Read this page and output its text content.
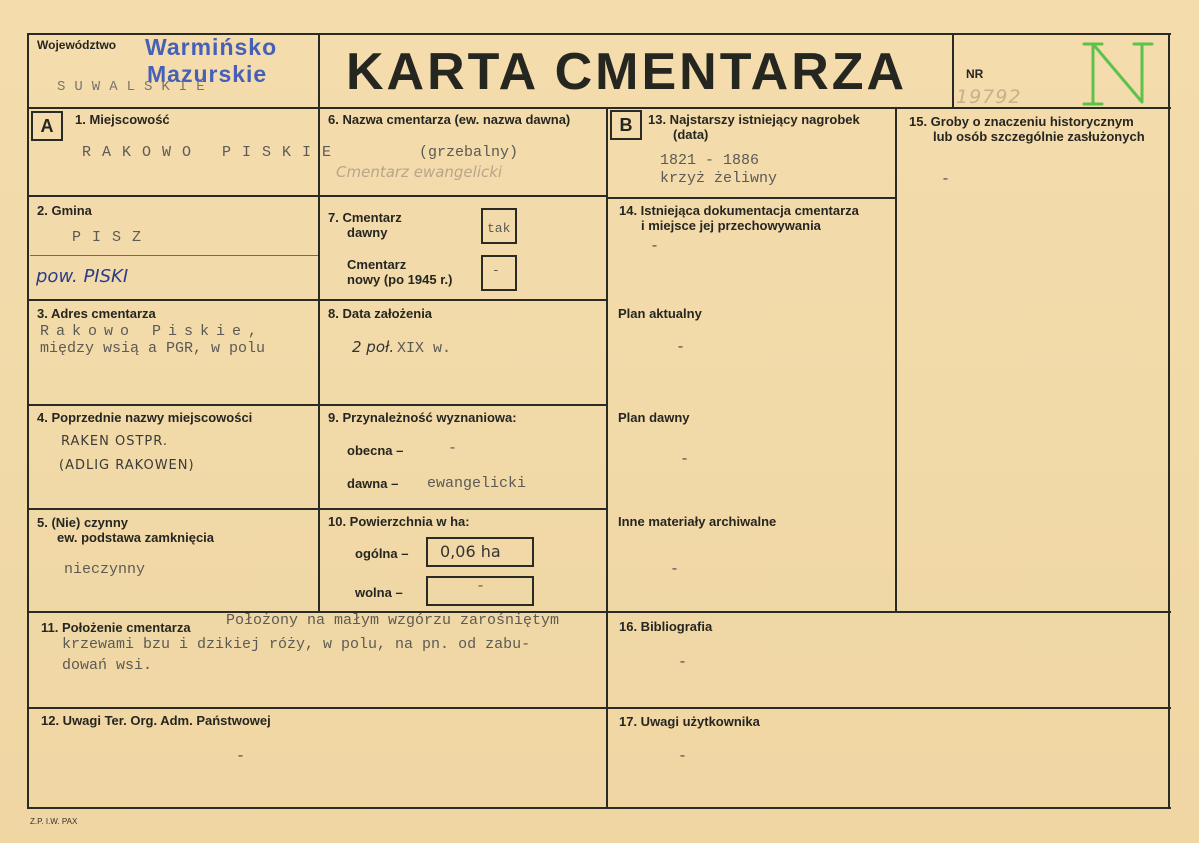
Województwo Warmińsko
Mazurskie
SUWALSKIE	KARTA CMENTARZA	NR
19792
A	B
1. Miejscowość
RAKOWO PISKIE
2. Gmina
PISZ
pow. PISKI
3. Adres cmentarza
Rakowo Piskie,
między wsią a PGR, w polu
4. Poprzednie nazwy miejscowości
RAKEN OSTPR.
(ADLIG RAKOWEN)
5. (Nie) czynny
ew. podstawa zamknięcia
nieczynny
6. Nazwa cmentarza (ew. nazwa dawna)
(grzebalny)
Cmentarz ewangelicki
7. Cmentarz
dawny	tak
Cmentarz
nowy (po 1945 r.)
-
8. Data założenia
2 poł. XIX w.
9. Przynależność wyznaniowa:
obecna –	-
dawna – ewangelicki
10. Powierzchnia w ha:
ogólna – 0,06 ha
wolna –	-
11. Położenie cmentarza Położony na małym wzgórzu zarośniętym
krzewami bzu i dzikiej róży, w polu, na pn. od zabu-
dowań wsi.
12. Uwagi Ter. Org. Adm. Państwowej
-
13. Najstarszy istniejący nagrobek
(data)
1821 - 1886
krzyż żeliwny
14. Istniejąca dokumentacja cmentarza
i miejsce jej przechowywania
-
Plan aktualny
-
Plan dawny
-
Inne materiały archiwalne
-
15. Groby o znaczeniu historycznym
lub osób szczególnie zasłużonych
-
16. Bibliografia
-
17. Uwagi użytkownika
-
Z.P. I.W. PAX
